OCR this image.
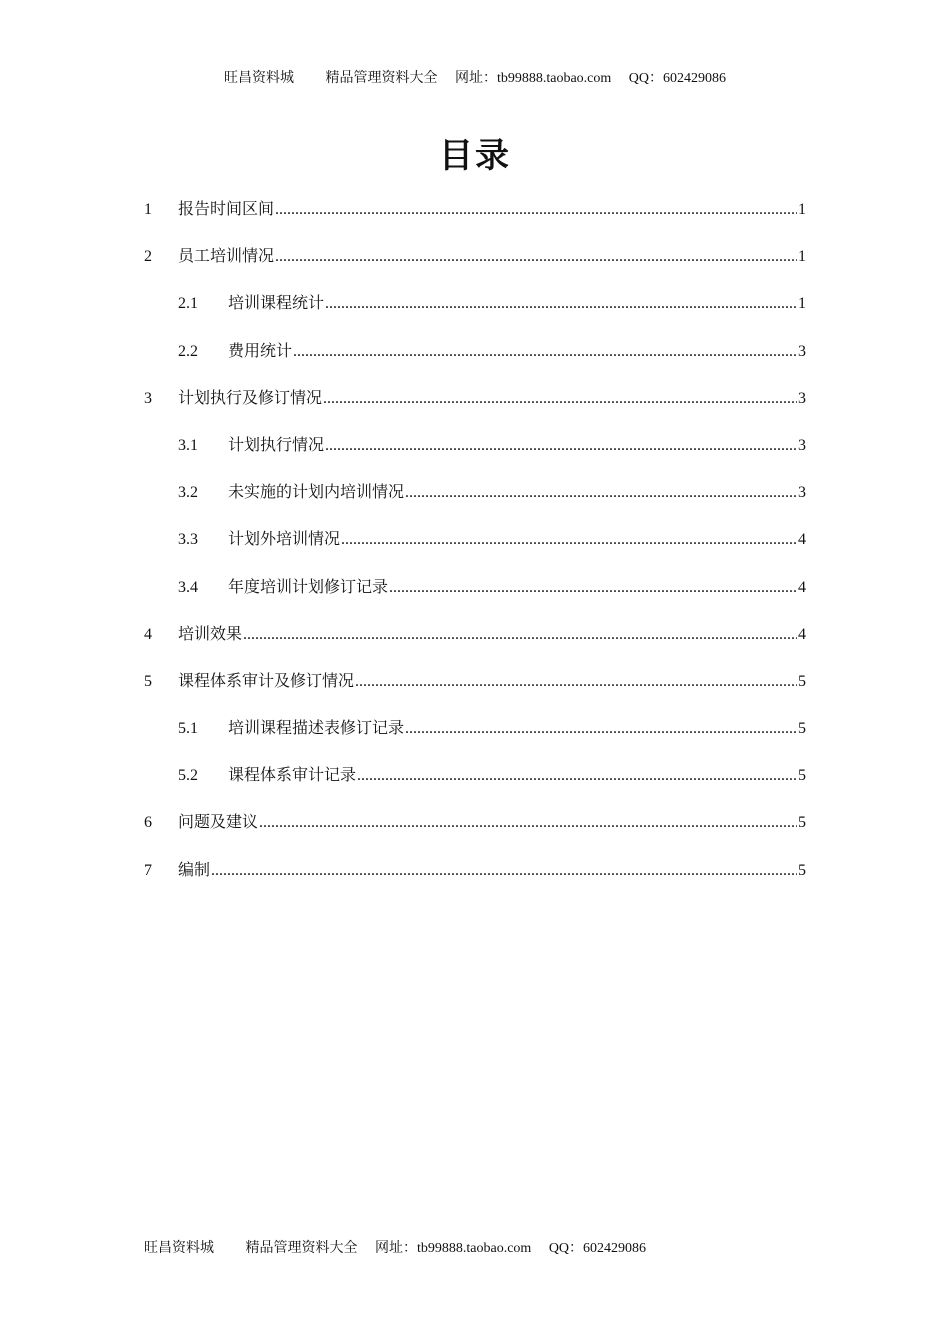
旺昌资料城 精品管理资料大全 网址：tb99888.taobao.com QQ：602429086
目录
1	报告时间区间 .....	1
2	员工培训情况 .....	1
2.1	培训课程统计 .....	1
2.2	费用统计 .....	3
3	计划执行及修订情况 .....	3
3.1	计划执行情况 .....	3
3.2	未实施的计划内培训情况 .....	3
3.3	计划外培训情况 .....	4
3.4	年度培训计划修订记录 .....	4
4	培训效果 .....	4
5	课程体系审计及修订情况 .....	5
5.1	培训课程描述表修订记录 .....	5
5.2	课程体系审计记录 .....	5
6	问题及建议 .....	5
7	编制 .....	5
旺昌资料城 精品管理资料大全 网址：tb99888.taobao.com QQ：602429086
